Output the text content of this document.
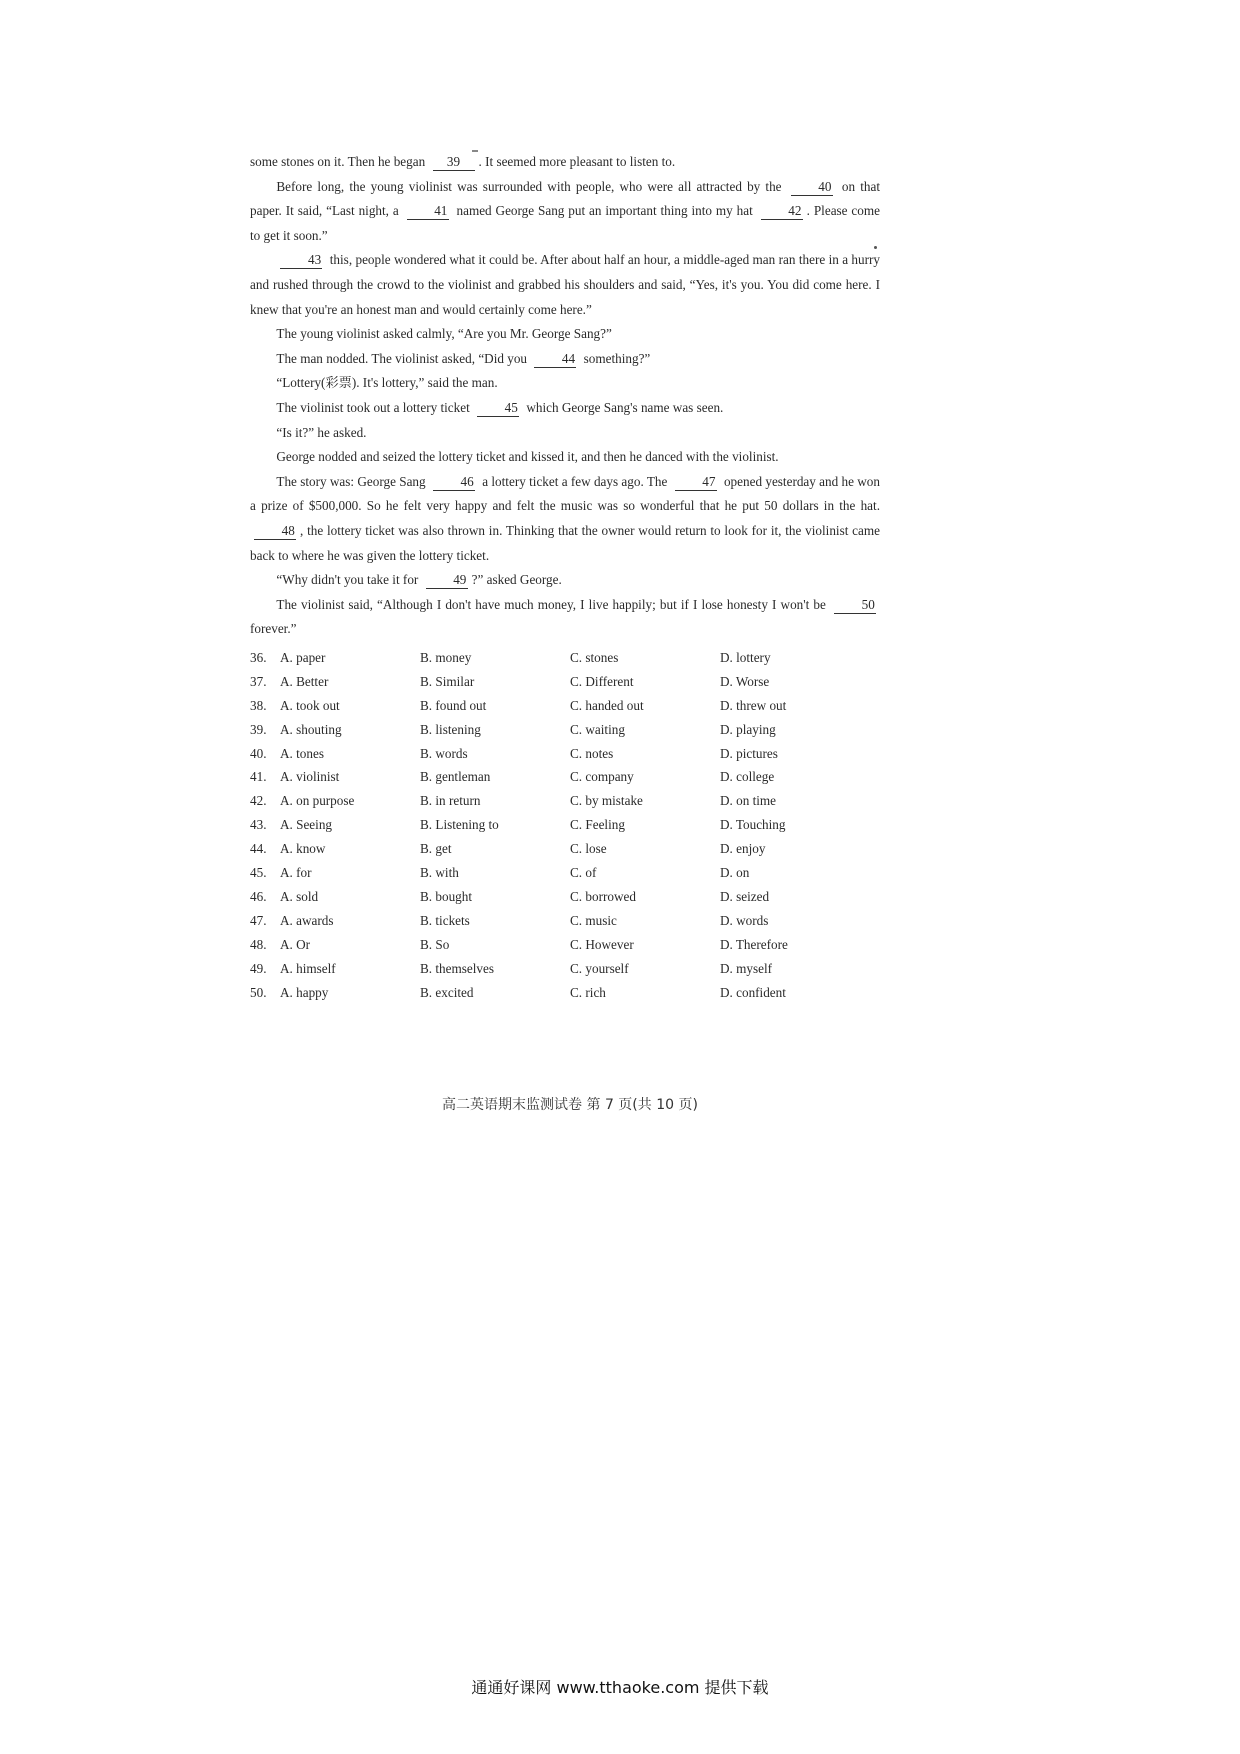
some stones on it. Then he began 39 . It seemed more pleasant to listen to.

Before long, the young violinist was surrounded with people, who were all attracted by the 40 on that paper. It said, “Last night, a 41 named George Sang put an important thing into my hat 42 . Please come to get it soon.”

43 this, people wondered what it could be. After about half an hour, a middle-aged man ran there in a hurry and rushed through the crowd to the violinist and grabbed his shoulders and said, “Yes, it's you. You did come here. I knew that you're an honest man and would certainly come here.”

The young violinist asked calmly, “Are you Mr. George Sang?”

The man nodded. The violinist asked, “Did you 44 something?”

“Lottery(彩票). It's lottery,” said the man.

The violinist took out a lottery ticket 45 which George Sang's name was seen.

“Is it?” he asked.

George nodded and seized the lottery ticket and kissed it, and then he danced with the violinist.

The story was: George Sang 46 a lottery ticket a few days ago. The 47 opened yesterday and he won a prize of $500,000. So he felt very happy and felt the music was so wonderful that he put 50 dollars in the hat. 48 , the lottery ticket was also thrown in. Thinking that the owner would return to look for it, the violinist came back to where he was given the lottery ticket.

“Why didn't you take it for 49 ?” asked George.

The violinist said, “Although I don't have much money, I live happily; but if I lose honesty I won't be 50 forever.”

36.	A. paper	B. money	C. stones	D. lottery
37.	A. Better	B. Similar	C. Different	D. Worse
38.	A. took out	B. found out	C. handed out	D. threw out
39.	A. shouting	B. listening	C. waiting	D. playing
40.	A. tones	B. words	C. notes	D. pictures
41.	A. violinist	B. gentleman	C. company	D. college
42.	A. on purpose	B. in return	C. by mistake	D. on time
43.	A. Seeing	B. Listening to	C. Feeling	D. Touching
44.	A. know	B. get	C. lose	D. enjoy
45.	A. for	B. with	C. of	D. on
46.	A. sold	B. bought	C. borrowed	D. seized
47.	A. awards	B. tickets	C. music	D. words
48.	A. Or	B. So	C. However	D. Therefore
49.	A. himself	B. themselves	C. yourself	D. myself
50.	A. happy	B. excited	C. rich	D. confident
高二英语期末监测试卷 第 7 页(共 10 页)
通通好课网 www.tthaoke.com 提供下载
